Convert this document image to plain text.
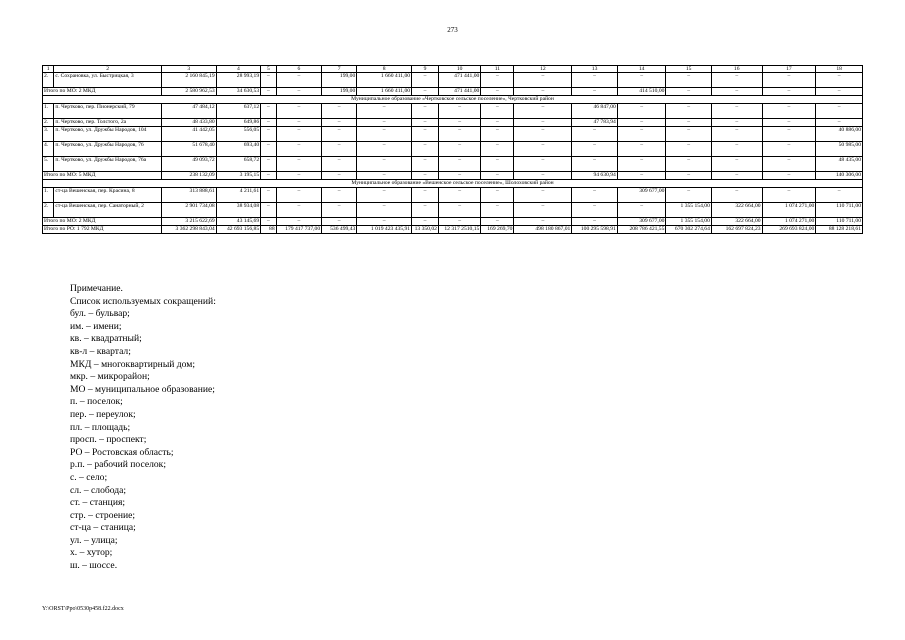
273
1	2	3	4	5	6	7	8	9	10	11	12	13	14	15	16	17	18
2.	с. Сохрановка, ул. Быстрицкая, 3	2 160 845,19	28 993,19	–	–	199,00	1 660 411,00	–	471 441,00	–	–	–	–	–	–	–	–
Итого по МО: 2 МКД		2 580 962,53	34 630,53	–	–	199,00	1 660 411,00	–	471 441,00	–	–	–	414 510,00	–	–	–	–
Муниципальное образование «Чертковское сельское поселение», Чертковский район																	
1.	п. Чертково, пер. Пионерский, 79	47 484,12	637,12	–	–	–	–	–	–	–	–	46 847,00	–	–	–	–	–
2.	п. Чертково, пер. Толстого, 2а	48 433,80	649,86	–	–	–	–	–	–	–	–	47 783,94	–	–	–	–	–
3.	п. Чертково, ул. Дружбы Народов, 104	41 442,05	556,05	–	–	–	–	–	–	–	–	–	–	–	–	–	40 886,00
4.	п. Чертково, ул. Дружбы Народов, 76	51 678,40	693,40	–	–	–	–	–	–	–	–	–	–	–	–	–	50 985,00
5.	п. Чертково, ул. Дружбы Народов, 76а	49 093,72	658,72	–	–	–	–	–	–	–	–	–	–	–	–	–	48 435,00
Итого по МО: 5 МКД		238 132,09	3 195,15	–	–	–	–	–	–	–	–	94 630,94	–	–	–	–	140 306,00
Муниципальное образование «Вешенское сельское поселение», Шолоховский район																	
1.	ст-ца Вешенская, пер. Красина, 8	313 888,61	4 211,61	–	–	–	–	–	–	–	–	–	309 677,00	–	–	–	–
2.	ст-ца Вешенская, пер. Санаторный, 2	2 901 734,08	38 934,08	–	–	–	–	–	–	–	–	–	–	1 355 154,00	322 664,00	1 074 271,00	110 711,00
Итого по МО: 2 МКД		3 215 622,69	43 145,69	–	–	–	–	–	–	–	–	–	309 677,00	1 355 154,00	322 664,00	1 074 271,00	110 711,00
Итого по РО: 1 792 МКД		3 362 298 843,04	42 693 156,85	88	179 417 737,00	536 499,43	1 019 423 435,91	13 350,02	12 317 2510,15	169 269,70	498 180 867,01	100 295 598,91	208 786 421,55	670 302 274,64	162 697 824,23	269 693 824,00	88 128 218,61
Примечание.
Список используемых сокращений:
бул. – бульвар;
им. – имени;
кв. – квадратный;
кв-л – квартал;
МКД – многоквартирный дом;
мкр. – микрорайон;
МО – муниципальное образование;
п. – поселок;
пер. – переулок;
пл. – площадь;
просп. – проспект;
РО – Ростовская область;
р.п. – рабочий поселок;
с. – село;
сл. – слобода;
ст. – станция;
стр. – строение;
ст-ца – станица;
ул. – улица;
х. – хутор;
ш. – шоссе.
Y:\ORST\Ppo\0530p458.f22.docx
